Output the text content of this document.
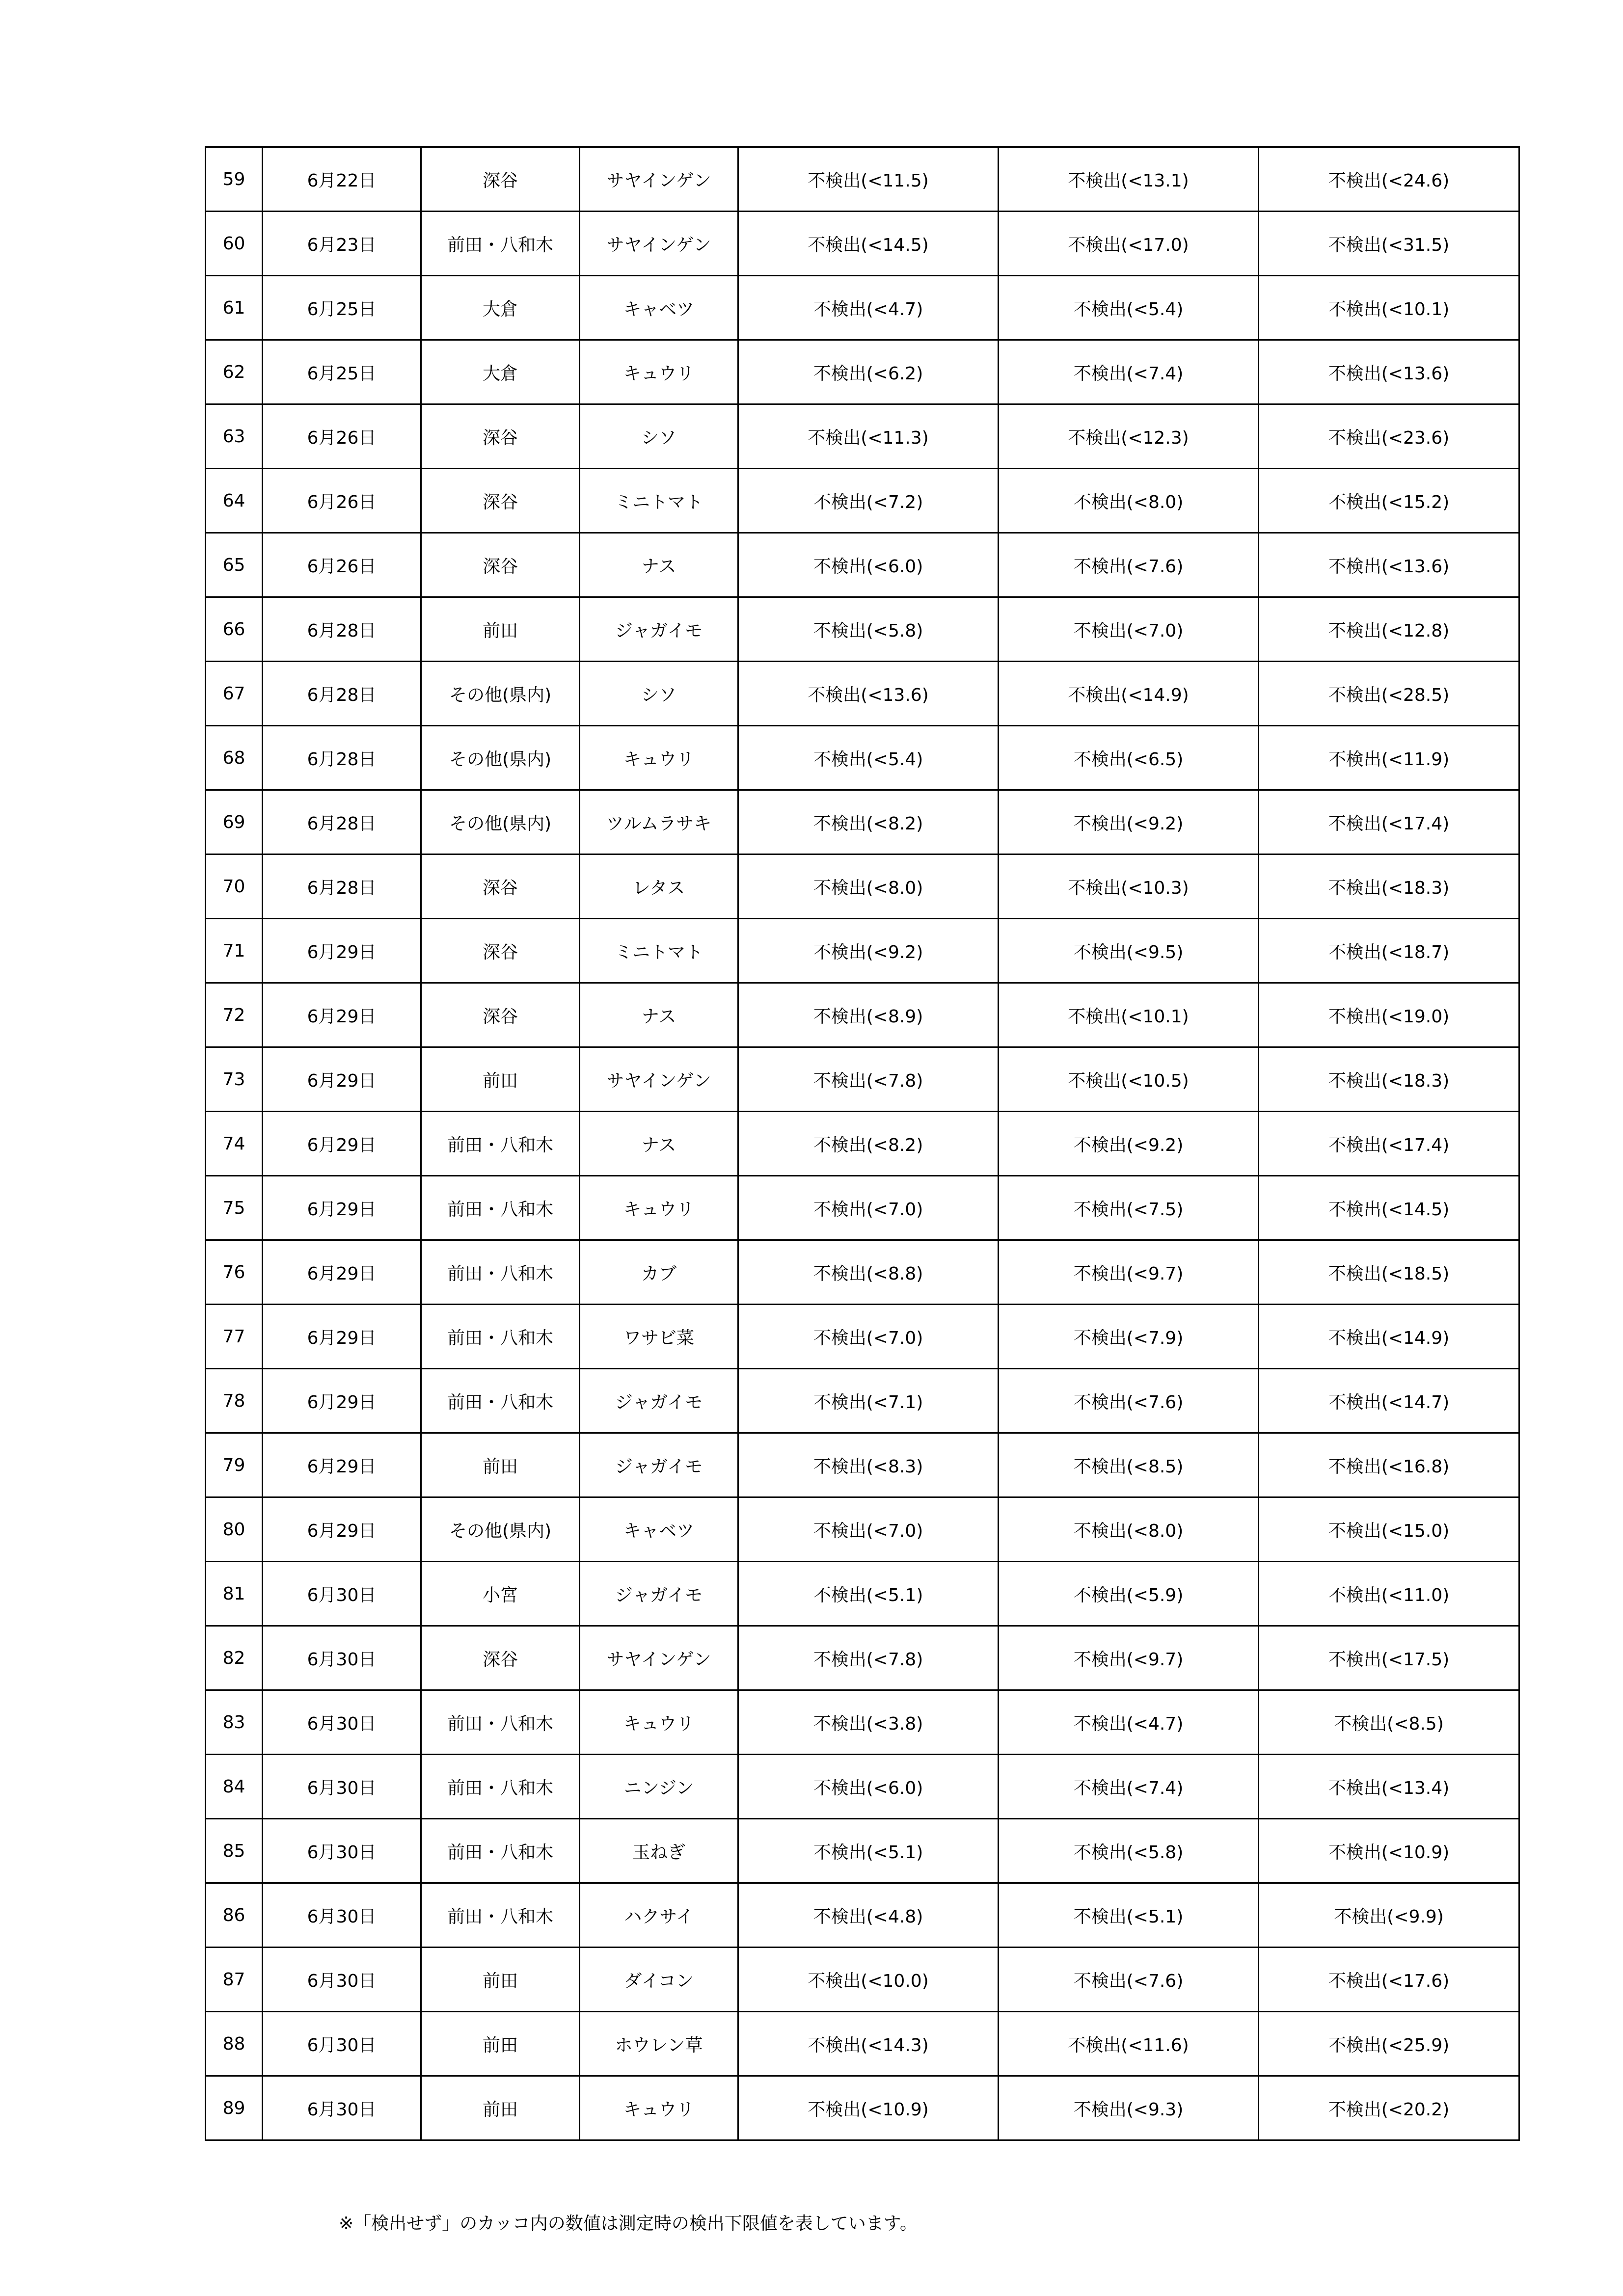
59	6月22日	深谷	サヤインゲン	不検出(<11.5)	不検出(<13.1)	不検出(<24.6)
60	6月23日	前田・八和木	サヤインゲン	不検出(<14.5)	不検出(<17.0)	不検出(<31.5)
61	6月25日	大倉	キャベツ	不検出(<4.7)	不検出(<5.4)	不検出(<10.1)
62	6月25日	大倉	キュウリ	不検出(<6.2)	不検出(<7.4)	不検出(<13.6)
63	6月26日	深谷	シソ	不検出(<11.3)	不検出(<12.3)	不検出(<23.6)
64	6月26日	深谷	ミニトマト	不検出(<7.2)	不検出(<8.0)	不検出(<15.2)
65	6月26日	深谷	ナス	不検出(<6.0)	不検出(<7.6)	不検出(<13.6)
66	6月28日	前田	ジャガイモ	不検出(<5.8)	不検出(<7.0)	不検出(<12.8)
67	6月28日	その他(県内)	シソ	不検出(<13.6)	不検出(<14.9)	不検出(<28.5)
68	6月28日	その他(県内)	キュウリ	不検出(<5.4)	不検出(<6.5)	不検出(<11.9)
69	6月28日	その他(県内)	ツルムラサキ	不検出(<8.2)	不検出(<9.2)	不検出(<17.4)
70	6月28日	深谷	レタス	不検出(<8.0)	不検出(<10.3)	不検出(<18.3)
71	6月29日	深谷	ミニトマト	不検出(<9.2)	不検出(<9.5)	不検出(<18.7)
72	6月29日	深谷	ナス	不検出(<8.9)	不検出(<10.1)	不検出(<19.0)
73	6月29日	前田	サヤインゲン	不検出(<7.8)	不検出(<10.5)	不検出(<18.3)
74	6月29日	前田・八和木	ナス	不検出(<8.2)	不検出(<9.2)	不検出(<17.4)
75	6月29日	前田・八和木	キュウリ	不検出(<7.0)	不検出(<7.5)	不検出(<14.5)
76	6月29日	前田・八和木	カブ	不検出(<8.8)	不検出(<9.7)	不検出(<18.5)
77	6月29日	前田・八和木	ワサビ菜	不検出(<7.0)	不検出(<7.9)	不検出(<14.9)
78	6月29日	前田・八和木	ジャガイモ	不検出(<7.1)	不検出(<7.6)	不検出(<14.7)
79	6月29日	前田	ジャガイモ	不検出(<8.3)	不検出(<8.5)	不検出(<16.8)
80	6月29日	その他(県内)	キャベツ	不検出(<7.0)	不検出(<8.0)	不検出(<15.0)
81	6月30日	小宮	ジャガイモ	不検出(<5.1)	不検出(<5.9)	不検出(<11.0)
82	6月30日	深谷	サヤインゲン	不検出(<7.8)	不検出(<9.7)	不検出(<17.5)
83	6月30日	前田・八和木	キュウリ	不検出(<3.8)	不検出(<4.7)	不検出(<8.5)
84	6月30日	前田・八和木	ニンジン	不検出(<6.0)	不検出(<7.4)	不検出(<13.4)
85	6月30日	前田・八和木	玉ねぎ	不検出(<5.1)	不検出(<5.8)	不検出(<10.9)
86	6月30日	前田・八和木	ハクサイ	不検出(<4.8)	不検出(<5.1)	不検出(<9.9)
87	6月30日	前田	ダイコン	不検出(<10.0)	不検出(<7.6)	不検出(<17.6)
88	6月30日	前田	ホウレン草	不検出(<14.3)	不検出(<11.6)	不検出(<25.9)
89	6月30日	前田	キュウリ	不検出(<10.9)	不検出(<9.3)	不検出(<20.2)
※「検出せず」のカッコ内の数値は測定時の検出下限値を表しています。
